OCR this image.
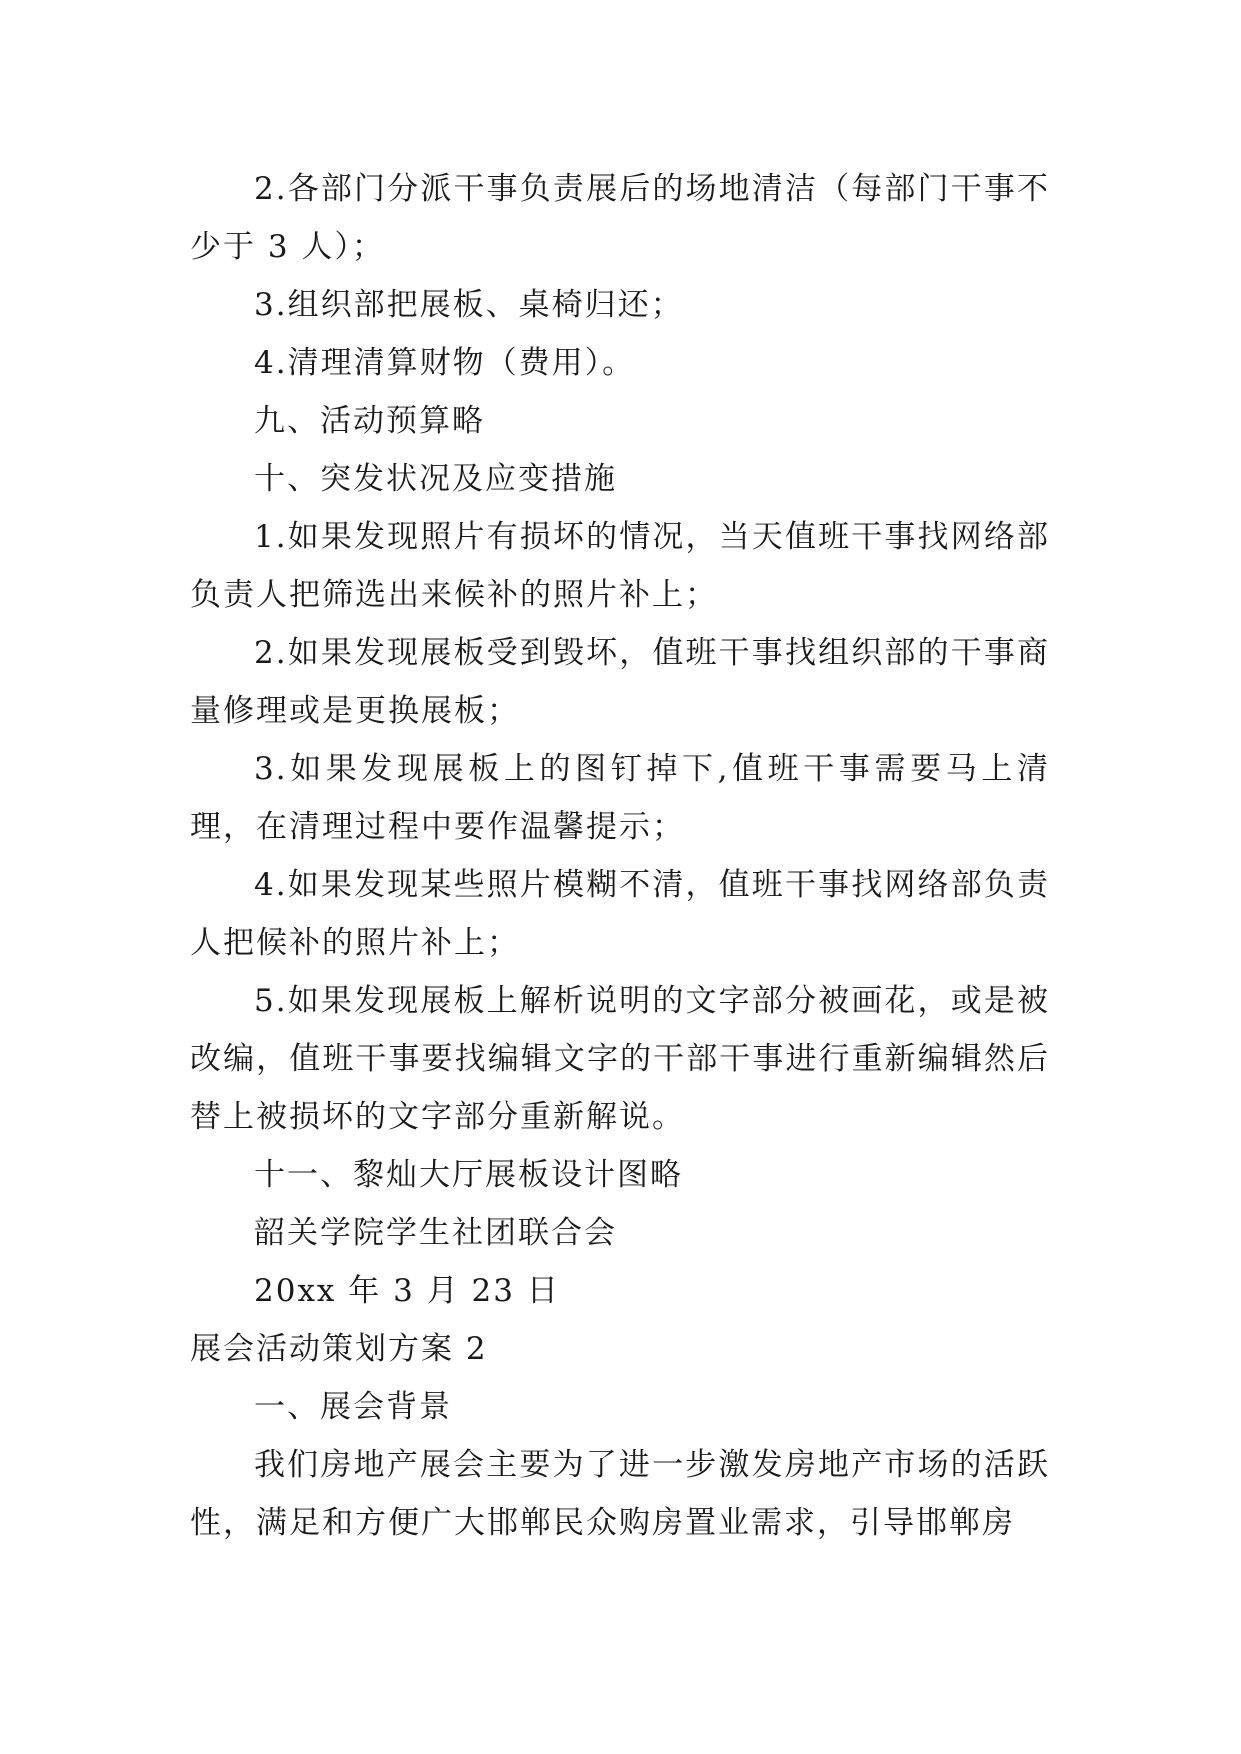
2.各部门分派干事负责展后的场地清洁（每部门干事不少于 3 人）；

3.组织部把展板、桌椅归还；

4.清理清算财物（费用）。

九、活动预算略

十、突发状况及应变措施

1.如果发现照片有损坏的情况，当天值班干事找网络部负责人把筛选出来候补的照片补上；

2.如果发现展板受到毁坏，值班干事找组织部的干事商量修理或是更换展板；

3.如果发现展板上的图钉掉下,值班干事需要马上清理，在清理过程中要作温馨提示；

4.如果发现某些照片模糊不清，值班干事找网络部负责人把候补的照片补上；

5.如果发现展板上解析说明的文字部分被画花，或是被改编，值班干事要找编辑文字的干部干事进行重新编辑然后替上被损坏的文字部分重新解说。

十一、黎灿大厅展板设计图略

韶关学院学生社团联合会

20xx 年 3 月 23 日

展会活动策划方案 2

一、展会背景

我们房地产展会主要为了进一步激发房地产市场的活跃性，满足和方便广大邯郸民众购房置业需求，引导邯郸房
